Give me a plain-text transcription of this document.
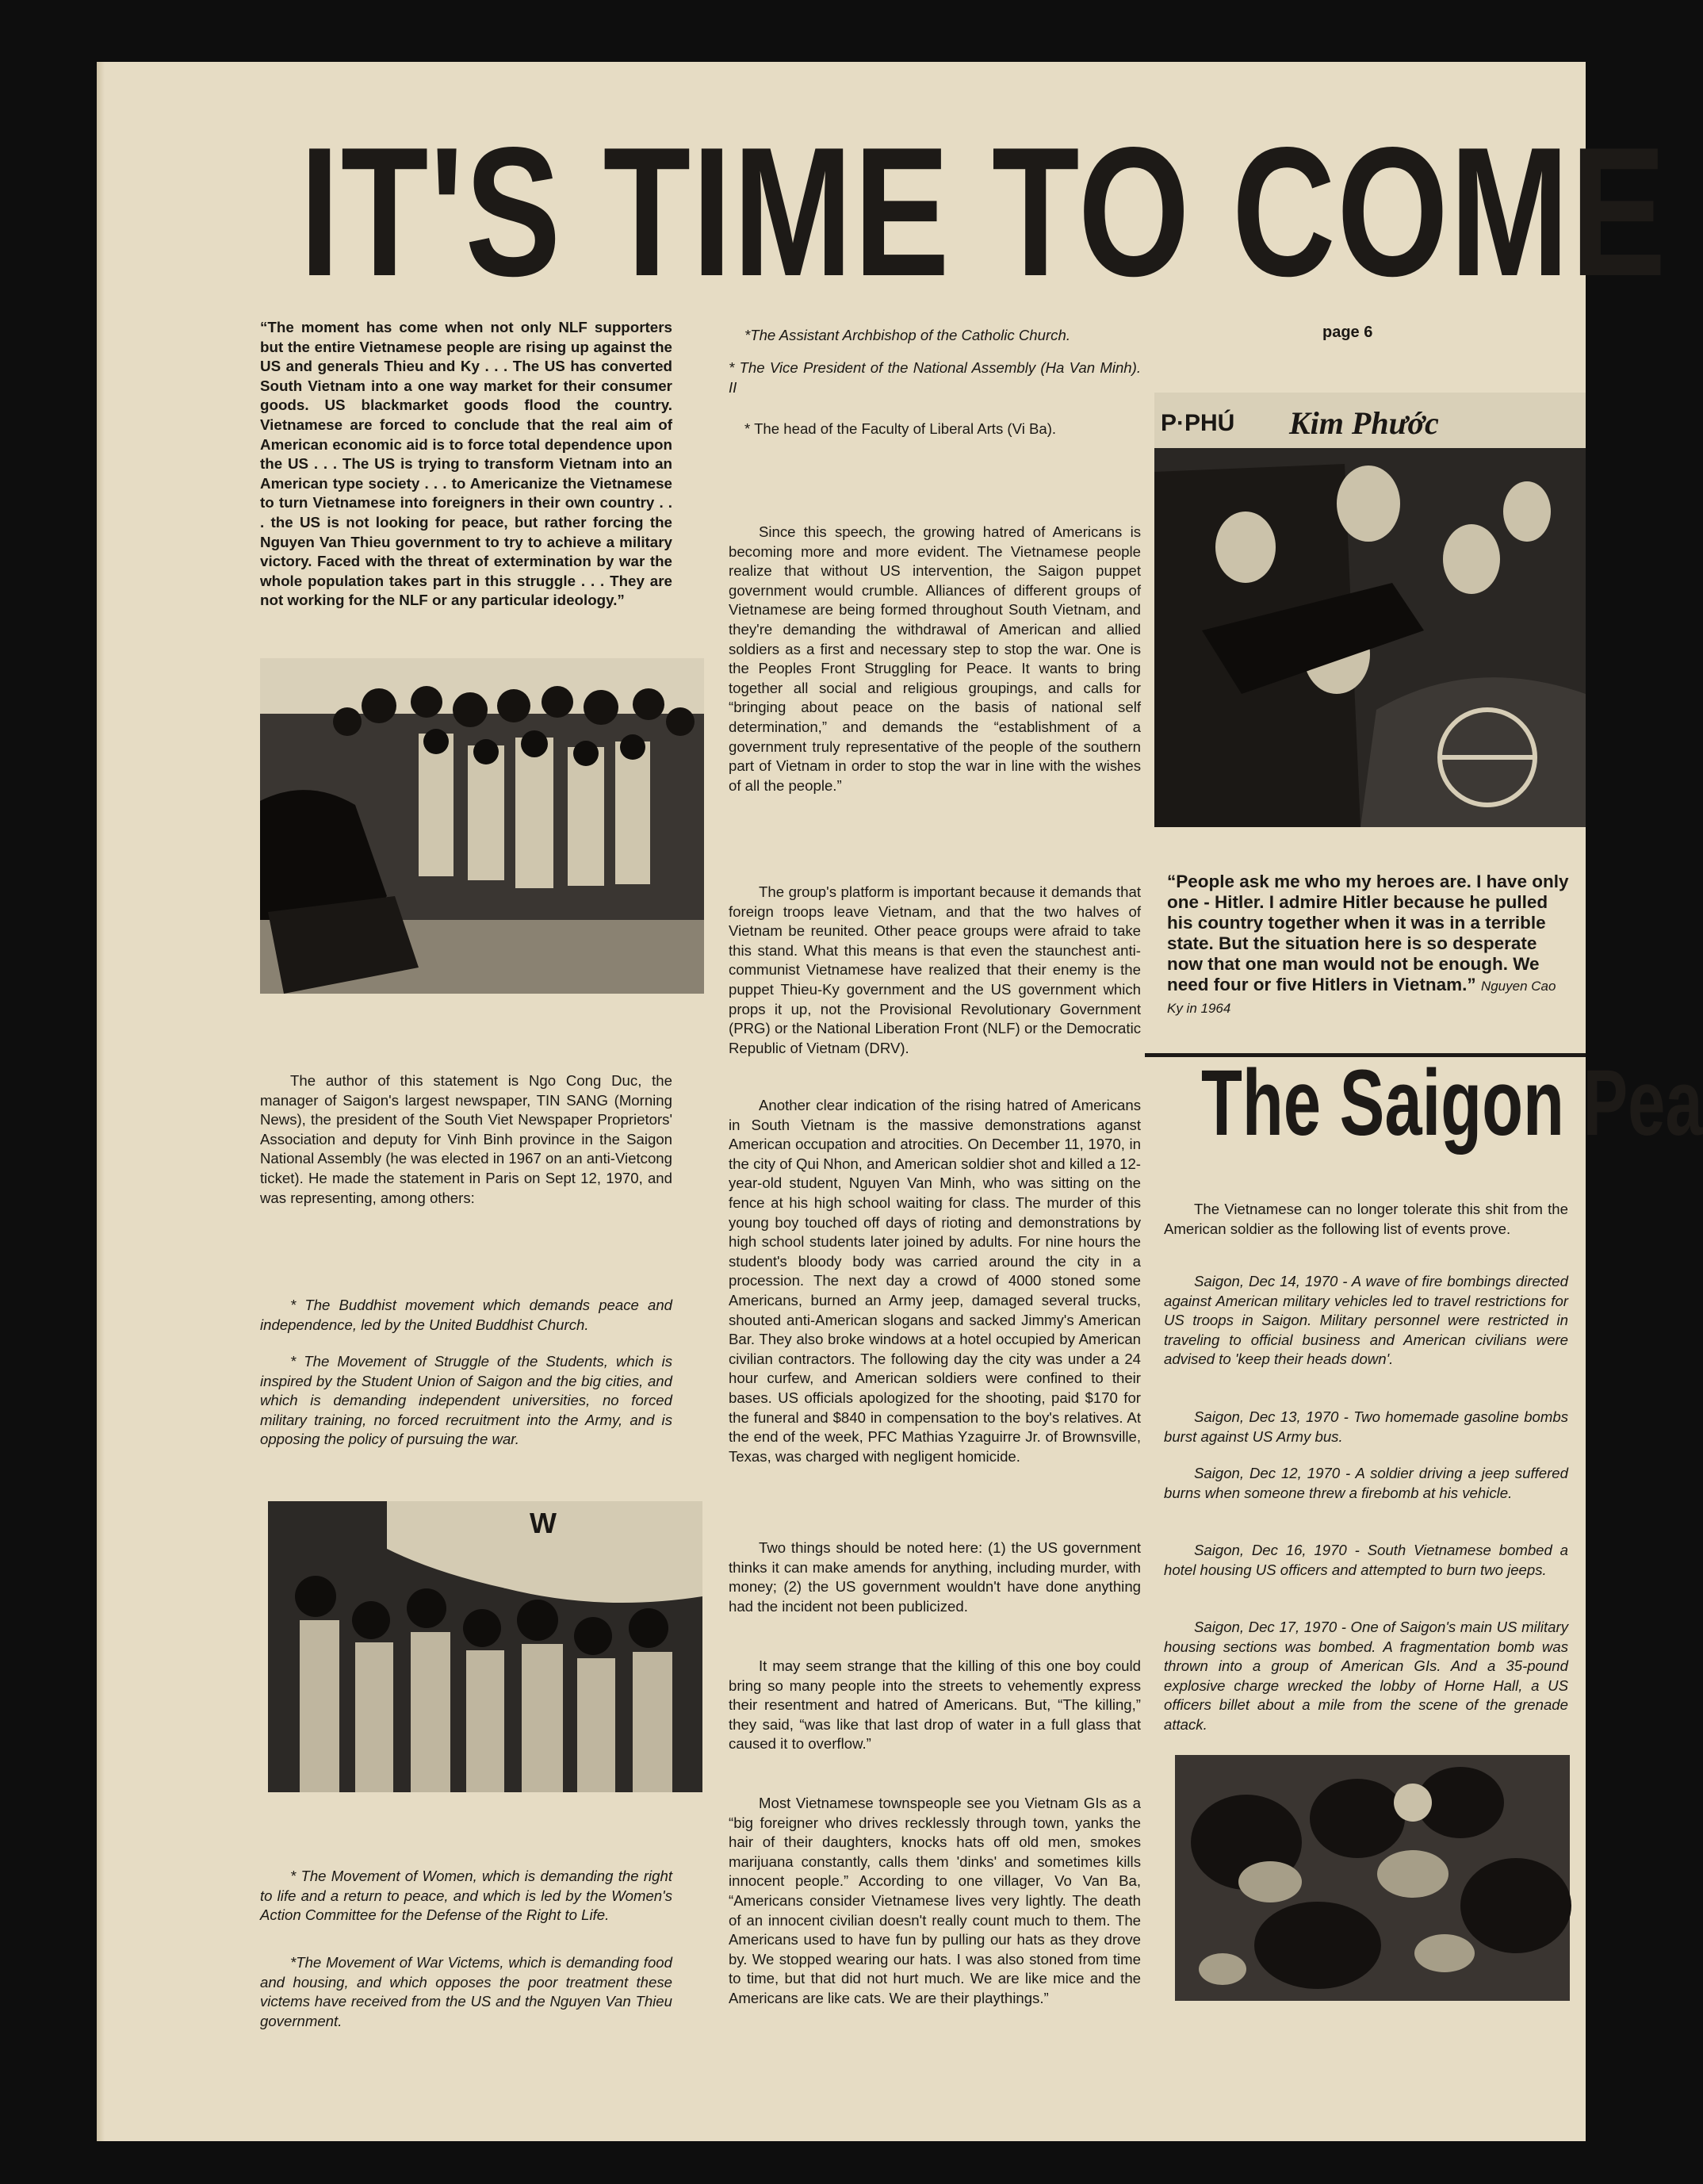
IT'S TIME TO COME

“The moment has come when not only NLF supporters but the entire Vietnamese people are rising up against the US and generals Thieu and Ky . . . The US has converted South Vietnam into a one way market for their consumer goods. US blackmarket goods flood the country. Vietnamese are forced to conclude that the real aim of American economic aid is to force total dependence upon the US . . . The US is trying to transform Vietnam into an American type society . . . to Americanize the Vietnamese to turn Vietnamese into foreigners in their own country . . . the US is not looking for peace, but rather forcing the Nguyen Van Thieu government to try to achieve a military victory. Faced with the threat of extermination by war the whole population takes part in this struggle . . . They are not working for the NLF or any particular ideology.”

The author of this statement is Ngo Cong Duc, the manager of Saigon's largest newspaper, TIN SANG (Morning News), the president of the South Viet Newspaper Proprietors' Association and deputy for Vinh Binh province in the Saigon National Assembly (he was elected in 1967 on an anti-Vietcong ticket). He made the statement in Paris on Sept 12, 1970, and was representing, among others:

* The Buddhist movement which demands peace and independence, led by the United Buddhist Church.

* The Movement of Struggle of the Students, which is inspired by the Student Union of Saigon and the big cities, and which is demanding independent universities, no forced military training, no forced recruitment into the Army, and is opposing the policy of pursuing the war.

W

* The Movement of Women, which is demanding the right to life and a return to peace, and which is led by the Women's Action Committee for the Defense of the Right to Life.

*The Movement of War Victems, which is demanding food and housing, and which opposes the poor treatment these victems have received from the US and the Nguyen Van Thieu government.

*The Assistant Archbishop of the Catholic Church.

* The Vice President of the National Assembly (Ha Van Minh). II

* The head of the Faculty of Liberal Arts (Vi Ba).

Since this speech, the growing hatred of Americans is becoming more and more evident. The Vietnamese people realize that without US intervention, the Saigon puppet government would crumble. Alliances of different groups of Vietnamese are being formed throughout South Vietnam, and they're demanding the withdrawal of American and allied soldiers as a first and necessary step to stop the war. One is the Peoples Front Struggling for Peace. It wants to bring together all social and religious groupings, and calls for “bringing about peace on the basis of national self determination,” and demands the “establishment of a government truly representative of the people of the southern part of Vietnam in order to stop the war in line with the wishes of all the people.”

The group's platform is important because it demands that foreign troops leave Vietnam, and that the two halves of Vietnam be reunited. Other peace groups were afraid to take this stand. What this means is that even the staunchest anti-communist Vietnamese have realized that their enemy is the puppet Thieu-Ky government and the US government which props it up, not the Provisional Revolutionary Government (PRG) or the National Liberation Front (NLF) or the Democratic Republic of Vietnam (DRV).

Another clear indication of the rising hatred of Americans in South Vietnam is the massive demonstrations aganst American occupation and atrocities. On December 11, 1970, in the city of Qui Nhon, and American soldier shot and killed a 12-year-old student, Nguyen Van Minh, who was sitting on the fence at his high school waiting for class. The murder of this young boy touched off days of rioting and demonstrations by high school students later joined by adults. For nine hours the student's bloody body was carried around the city in a procession. The next day a crowd of 4000 stoned some Americans, burned an Army jeep, damaged several trucks, shouted anti-American slogans and sacked Jimmy's American Bar. They also broke windows at a hotel occupied by American civilian contractors. The following day the city was under a 24 hour curfew, and American soldiers were confined to their bases. US officials apologized for the shooting, paid $170 for the funeral and $840 in compensation to the boy's relatives. At the end of the week, PFC Mathias Yzaguirre Jr. of Brownsville, Texas, was charged with negligent homicide.

Two things should be noted here: (1) the US government thinks it can make amends for anything, including murder, with money; (2) the US government wouldn't have done anything had the incident not been publicized.

It may seem strange that the killing of this one boy could bring so many people into the streets to vehemently express their resentment and hatred of Americans. But, “The killing,” they said, “was like that last drop of water in a full glass that caused it to overflow.”

Most Vietnamese townspeople see you Vietnam GIs as a “big foreigner who drives recklessly through town, yanks the hair of their daughters, knocks hats off old men, smokes marijuana constantly, calls them 'dinks' and sometimes kills innocent people.” According to one villager, Vo Van Ba, “Americans consider Vietnamese lives very lightly. The death of an innocent civilian doesn't really count much to them. The Americans used to have fun by pulling our hats as they drove by. We stopped wearing our hats. I was also stoned from time to time, but that did not hurt much. We are like mice and the Americans are like cats. We are their playthings.”

page 6
P·PHÚ Kim Phước

“People ask me who my heroes are. I have only one - Hitler. I admire Hitler because he pulled his country together when it was in a terrible state. But the situation here is so desperate now that one man would not be enough. We need four or five Hitlers in Vietnam.” Nguyen Cao Ky in 1964

The Saigon Pea

The Vietnamese can no longer tolerate this shit from the American soldier as the following list of events prove.

Saigon, Dec 14, 1970 - A wave of fire bombings directed against American military vehicles led to travel restrictions for US troops in Saigon. Military personnel were restricted in traveling to official business and American civilians were advised to 'keep their heads down'.

Saigon, Dec 13, 1970 - Two homemade gasoline bombs burst against US Army bus.

Saigon, Dec 12, 1970 - A soldier driving a jeep suffered burns when someone threw a firebomb at his vehicle.

Saigon, Dec 16, 1970 - South Vietnamese bombed a hotel housing US officers and attempted to burn two jeeps.

Saigon, Dec 17, 1970 - One of Saigon's main US military housing sections was bombed. A fragmentation bomb was thrown into a group of American GIs. And a 35-pound explosive charge wrecked the lobby of Horne Hall, a US officers billet about a mile from the scene of the grenade attack.
